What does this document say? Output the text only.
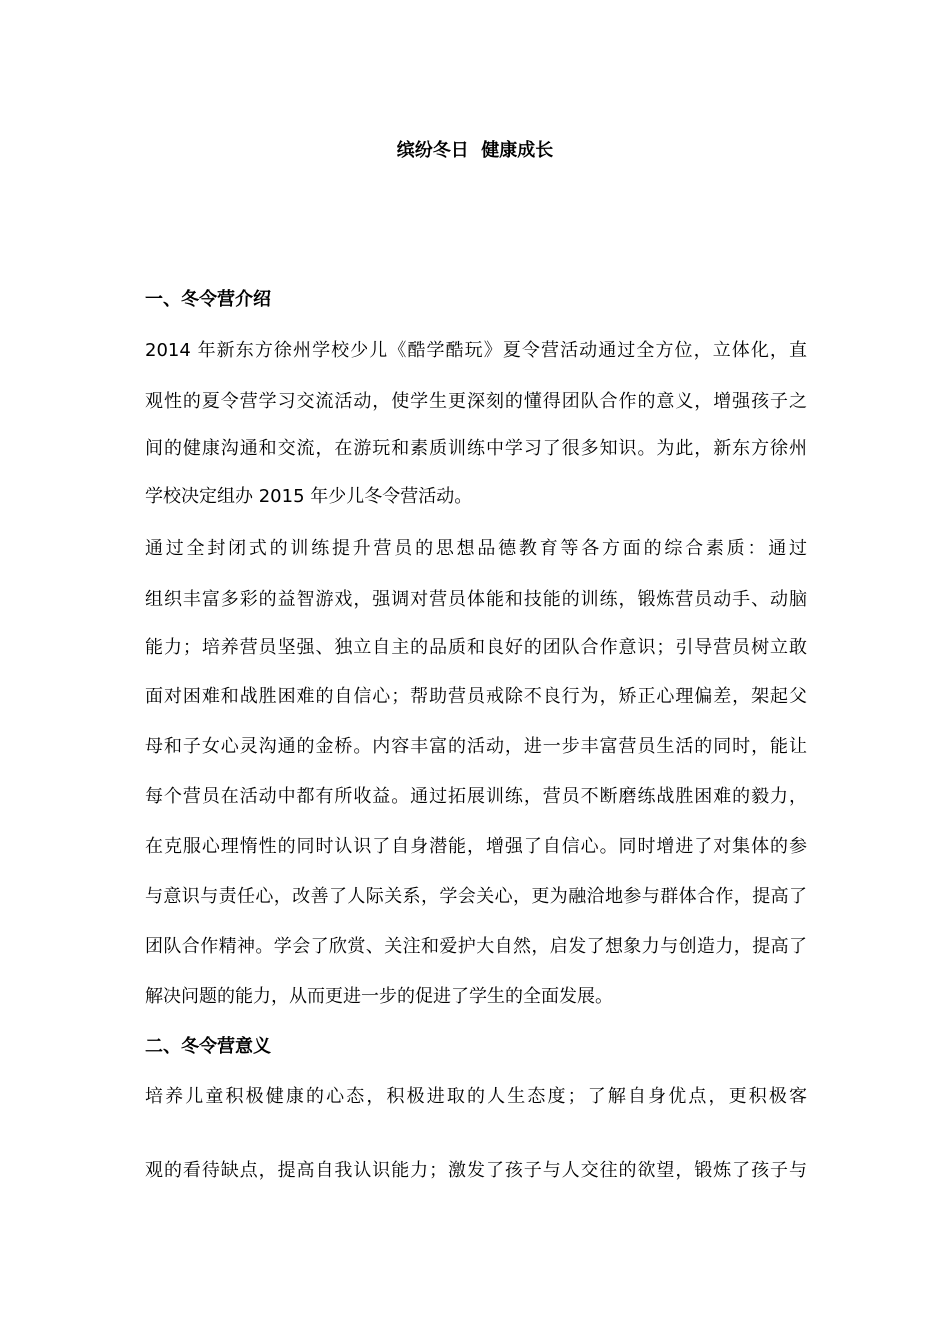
缤纷冬日  健康成长
一、冬令营介绍
2014 年新东方徐州学校少儿《酷学酷玩》夏令营活动通过全方位，立体化，直
观性的夏令营学习交流活动，使学生更深刻的懂得团队合作的意义，增强孩子之
间的健康沟通和交流，在游玩和素质训练中学习了很多知识。为此，新东方徐州
学校决定组办 2015 年少儿冬令营活动。
通过全封闭式的训练提升营员的思想品德教育等各方面的综合素质：通过
组织丰富多彩的益智游戏，强调对营员体能和技能的训练，锻炼营员动手、动脑
能力；培养营员坚强、独立自主的品质和良好的团队合作意识；引导营员树立敢
面对困难和战胜困难的自信心；帮助营员戒除不良行为，矫正心理偏差，架起父
母和子女心灵沟通的金桥。内容丰富的活动，进一步丰富营员生活的同时，能让
每个营员在活动中都有所收益。通过拓展训练，营员不断磨练战胜困难的毅力，
在克服心理惰性的同时认识了自身潜能，增强了自信心。同时增进了对集体的参
与意识与责任心，改善了人际关系，学会关心，更为融洽地参与群体合作，提高了
团队合作精神。学会了欣赏、关注和爱护大自然，启发了想象力与创造力，提高了
解决问题的能力，从而更进一步的促进了学生的全面发展。
二、冬令营意义
培养儿童积极健康的心态，积极进取的人生态度；了解自身优点，更积极客
观的看待缺点，提高自我认识能力；激发了孩子与人交往的欲望，锻炼了孩子与
